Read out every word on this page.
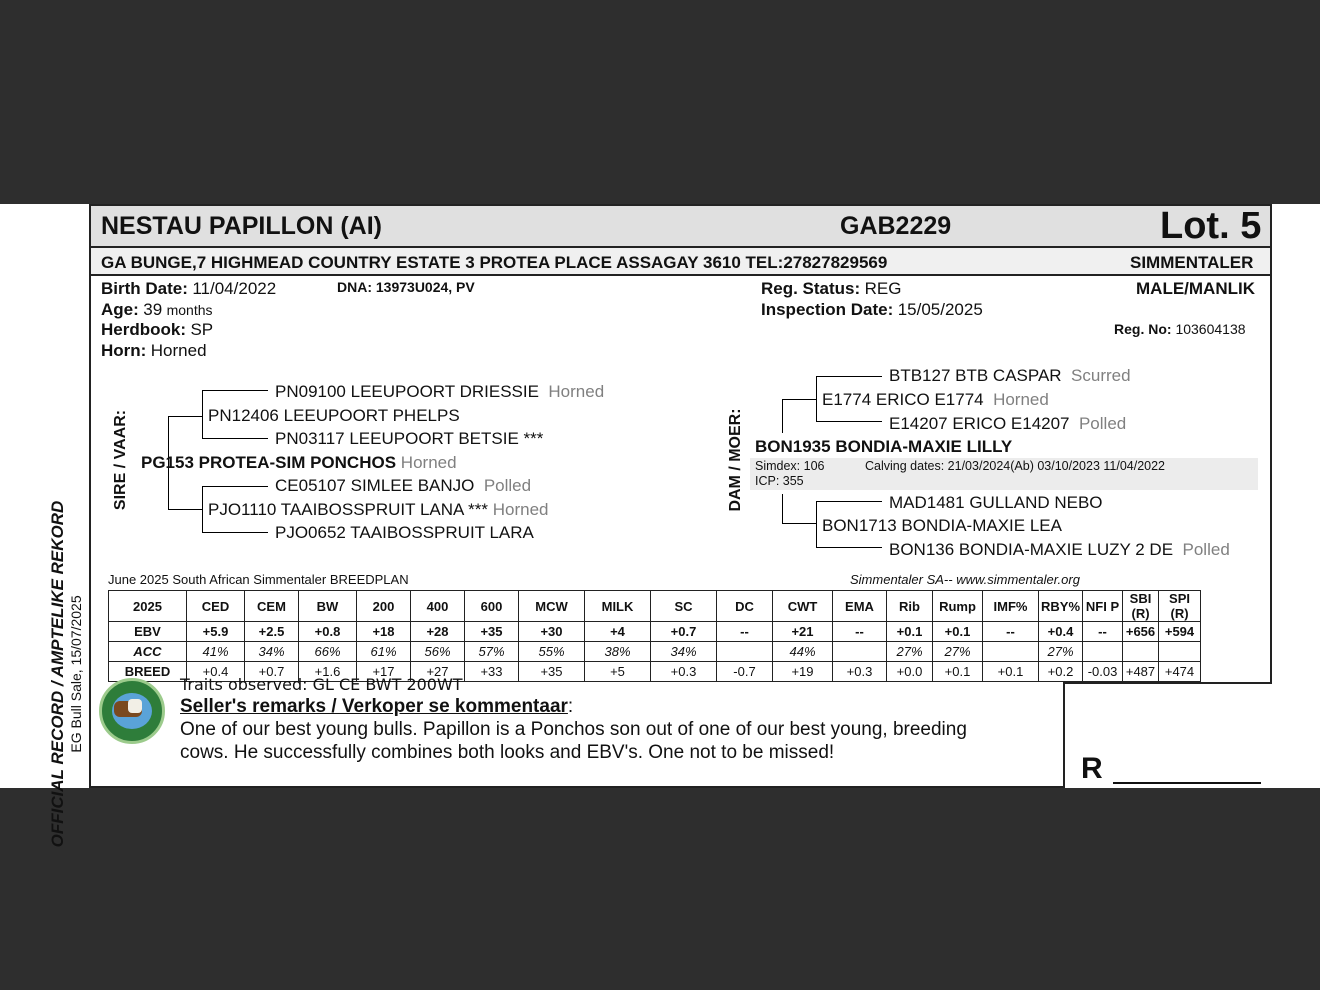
OFFICIAL RECORD / AMPTELIKE REKORD EG Bull Sale, 15/07/2025
NESTAU PAPILLON (AI)	GAB2229	Lot. 5
GA BUNGE,7 HIGHMEAD COUNTRY ESTATE 3 PROTEA PLACE ASSAGAY 3610 TEL:27827829569	SIMMENTALER
Birth Date: 11/04/2022	DNA: 13973U024, PV
Age: 39 months
Herdbook: SP
Horn: Horned
Reg. Status: REG
Inspection Date: 15/05/2025
MALE/MANLIK
Reg. No: 103604138
SIRE / VAAR:
PN09100 LEEUPOORT DRIESSIE Horned
PN12406 LEEUPOORT PHELPS
PN03117 LEEUPOORT BETSIE ***
PG153 PROTEA-SIM PONCHOS Horned
CE05107 SIMLEE BANJO Polled
PJO1110 TAAIBOSSPRUIT LANA *** Horned
PJO0652 TAAIBOSSPRUIT LARA
DAM / MOER:
BTB127 BTB CASPAR Scurred
E1774 ERICO E1774 Horned
E14207 ERICO E14207 Polled
BON1935 BONDIA-MAXIE LILLY
Simdex: 106	Calving dates: 21/03/2024(Ab) 03/10/2023 11/04/2022
ICP: 355
MAD1481 GULLAND NEBO
BON1713 BONDIA-MAXIE LEA
BON136 BONDIA-MAXIE LUZY 2 DE Polled
June 2025 South African Simmentaler BREEDPLAN	Simmentaler SA-- www.simmentaler.org
2025	CED	CEM	BW	200	400	600	MCW	MILK	SC	DC	CWT	EMA	Rib	Rump	IMF%	RBY%	NFI P	SBI (R)	SPI (R)
EBV	+5.9	+2.5	+0.8	+18	+28	+35	+30	+4	+0.7	--	+21	--	+0.1	+0.1	--	+0.4	--	+656	+594
ACC	41%	34%	66%	61%	56%	57%	55%	38%	34%		44%		27%	27%		27%			
BREED	+0.4	+0.7	+1.6	+17	+27	+33	+35	+5	+0.3	-0.7	+19	+0.3	+0.0	+0.1	+0.1	+0.2	-0.03	+487	+474
Traits observed: GL CE BWT 200WT
Seller's remarks / Verkoper se kommentaar:
One of our best young bulls. Papillon is a Ponchos son out of one of our best young, breeding
cows. He successfully combines both looks and EBV's. One not to be missed!	R
